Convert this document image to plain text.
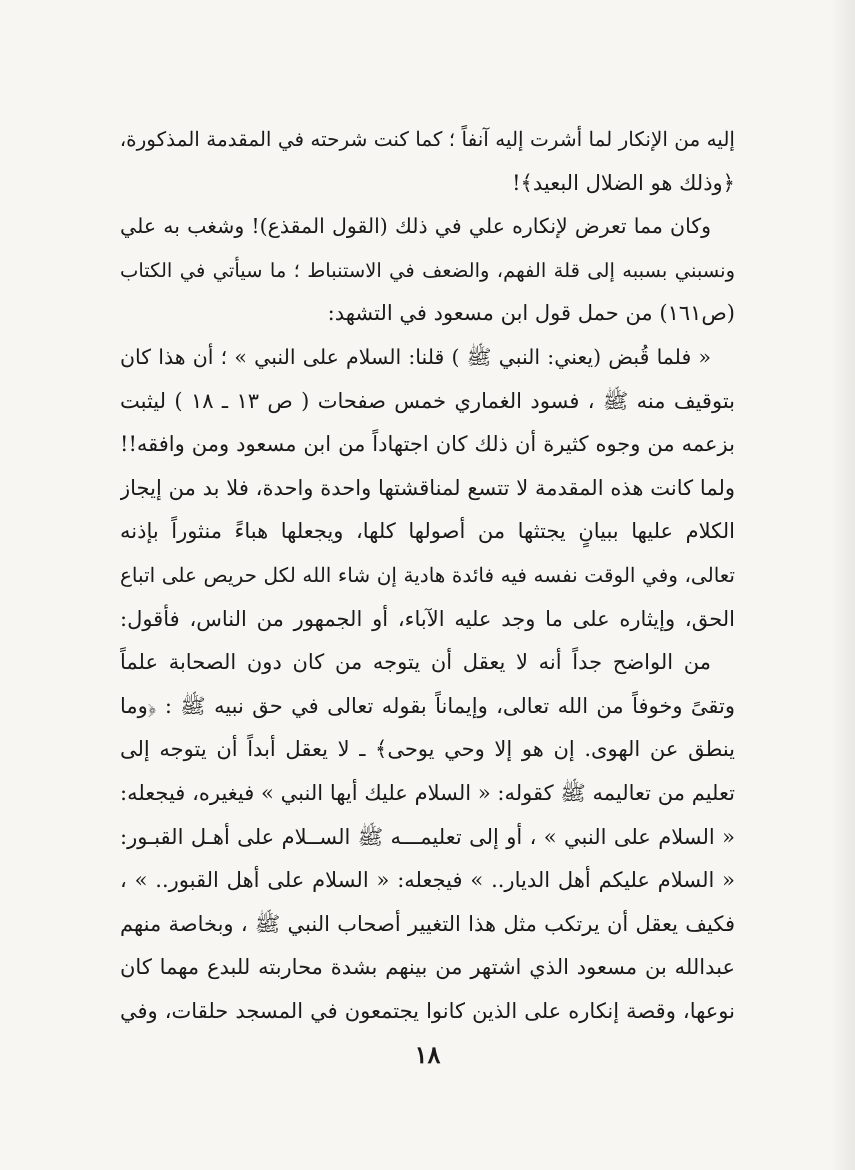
إليه من الإنكار لما أشرت إليه آنفاً ؛ كما كنت شرحته في المقدمة المذكورة،
﴿وذلك هو الضلال البعيد﴾!
وكان مما تعرض لإنكاره علي في ذلك (القول المقذع)! وشغب به علي
ونسبني بسببه إلى قلة الفهم، والضعف في الاستنباط ؛ ما سيأتي في الكتاب
(ص١٦١) من حمل قول ابن مسعود في التشهد:
« فلما قُبض (يعني: النبي ﷺ ) قلنا: السلام على النبي » ؛ أن هذا كان
بتوقيف منه ﷺ ، فسود الغماري خمس صفحات ( ص ١٣ ـ ١٨ ) ليثبت
بزعمه من وجوه كثيرة أن ذلك كان اجتهاداً من ابن مسعود ومن وافقه!!
ولما كانت هذه المقدمة لا تتسع لمناقشتها واحدة واحدة، فلا بد من إيجاز
الكلام عليها ببيانٍ يجتثها من أصولها كلها، ويجعلها هباءً منثوراً بإذنه
تعالى، وفي الوقت نفسه فيه فائدة هادية إن شاء الله لكل حريص على اتباع
الحق، وإيثاره على ما وجد عليه الآباء، أو الجمهور من الناس، فأقول:
من الواضح جداً أنه لا يعقل أن يتوجه من كان دون الصحابة علماً
وتقىً وخوفاً من الله تعالى، وإيماناً بقوله تعالى في حق نبيه ﷺ : ﴿وما
ينطق عن الهوى. إن هو إلا وحي يوحى﴾ ـ لا يعقل أبداً أن يتوجه إلى
تعليم من تعاليمه ﷺ كقوله: « السلام عليك أيها النبي » فيغيره، فيجعله:
« السلام على النبي » ، أو إلى تعليمـــه ﷺ الســلام على أهـل القبـور:
« السلام عليكم أهل الديار.. » فيجعله: « السلام على أهل القبور.. » ،
فكيف يعقل أن يرتكب مثل هذا التغيير أصحاب النبي ﷺ ، وبخاصة منهم
عبدالله بن مسعود الذي اشتهر من بينهم بشدة محاربته للبدع مهما كان
نوعها، وقصة إنكاره على الذين كانوا يجتمعون في المسجد حلقات، وفي
١٨
